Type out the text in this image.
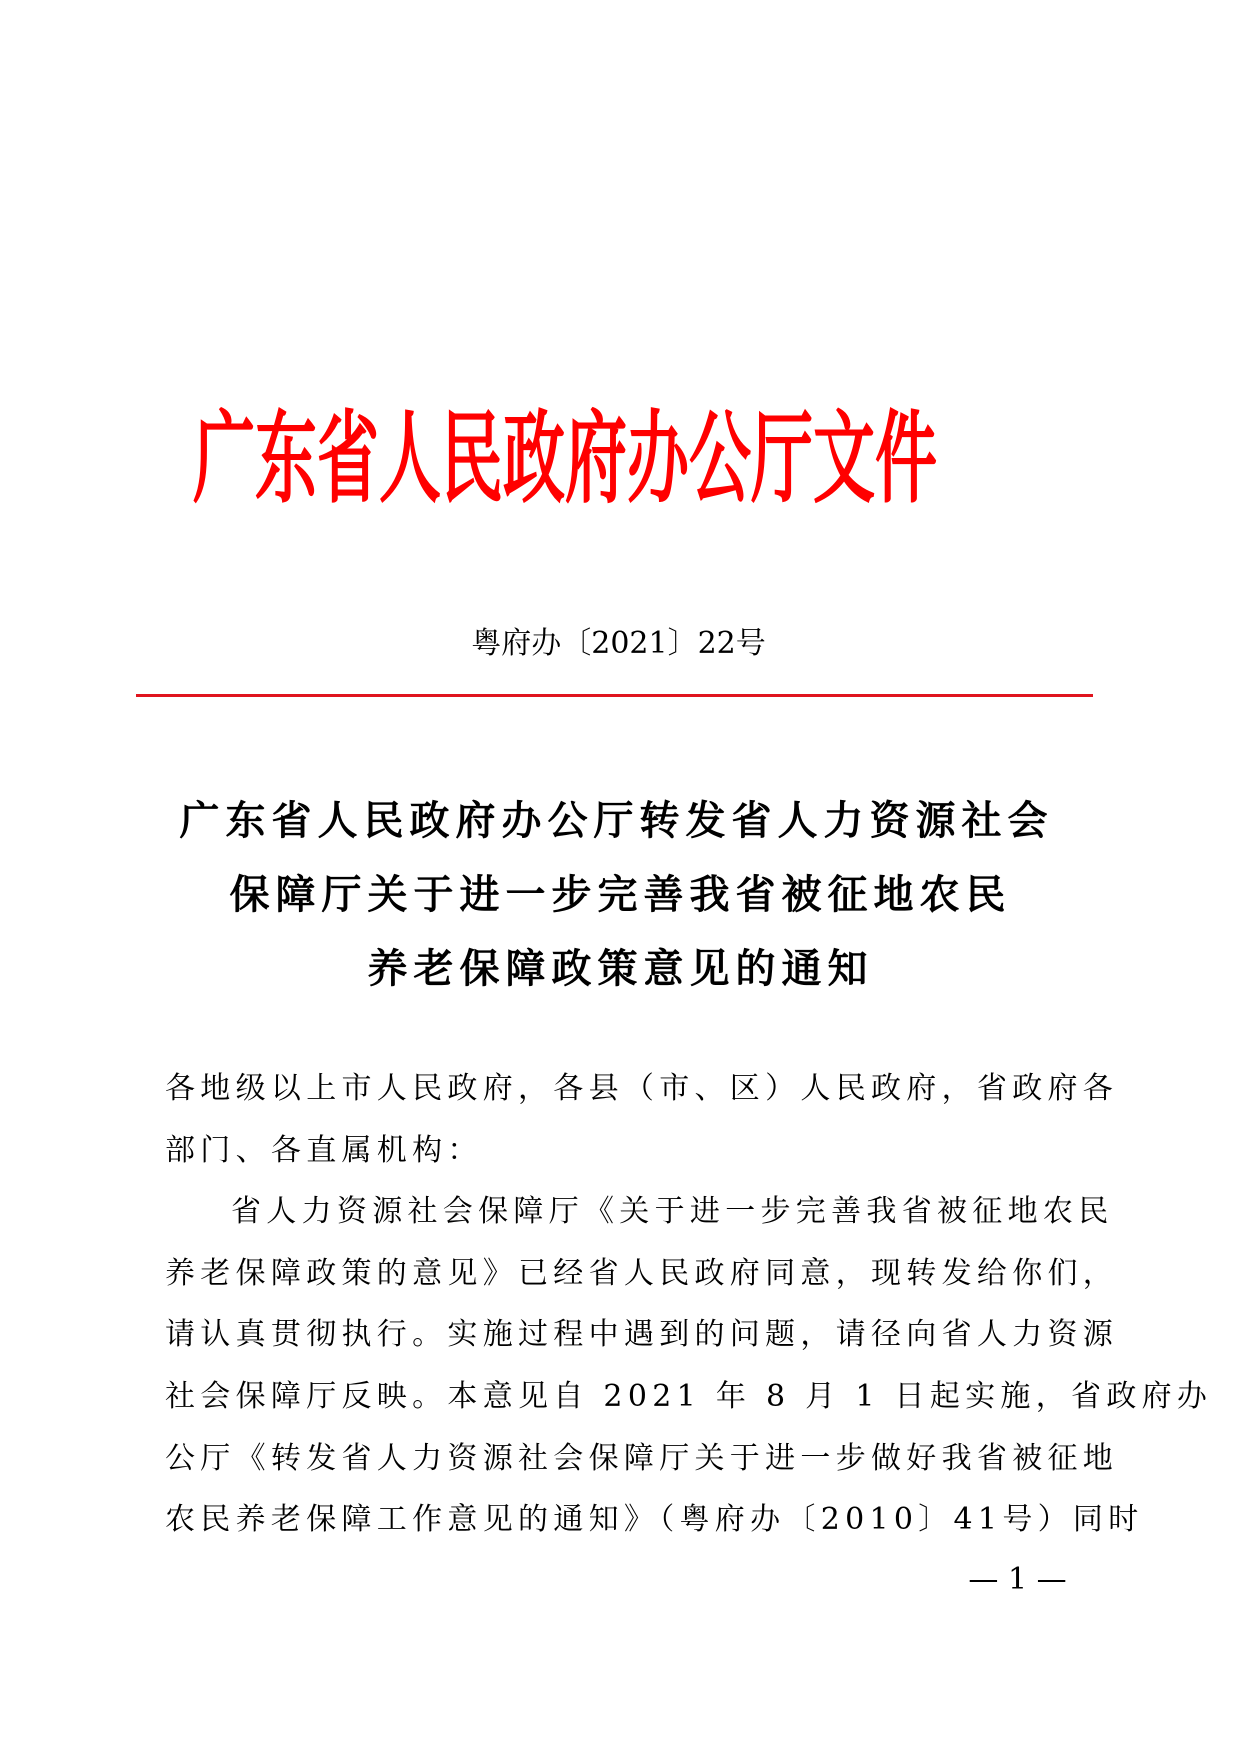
广东省人民政府办公厅文件
粤府办〔2021〕22号
广东省人民政府办公厅转发省人力资源社会
保障厅关于进一步完善我省被征地农民
养老保障政策意见的通知
各地级以上市人民政府，各县（市、区）人民政府，省政府各
部门、各直属机构：
省人力资源社会保障厅《关于进一步完善我省被征地农民
养老保障政策的意见》已经省人民政府同意，现转发给你们，
请认真贯彻执行。实施过程中遇到的问题，请径向省人力资源
社会保障厅反映。本意见自 2021 年 8 月 1 日起实施，省政府办
公厅《转发省人力资源社会保障厅关于进一步做好我省被征地
农民养老保障工作意见的通知》（粤府办〔2010〕41号）同时
— 1 —
